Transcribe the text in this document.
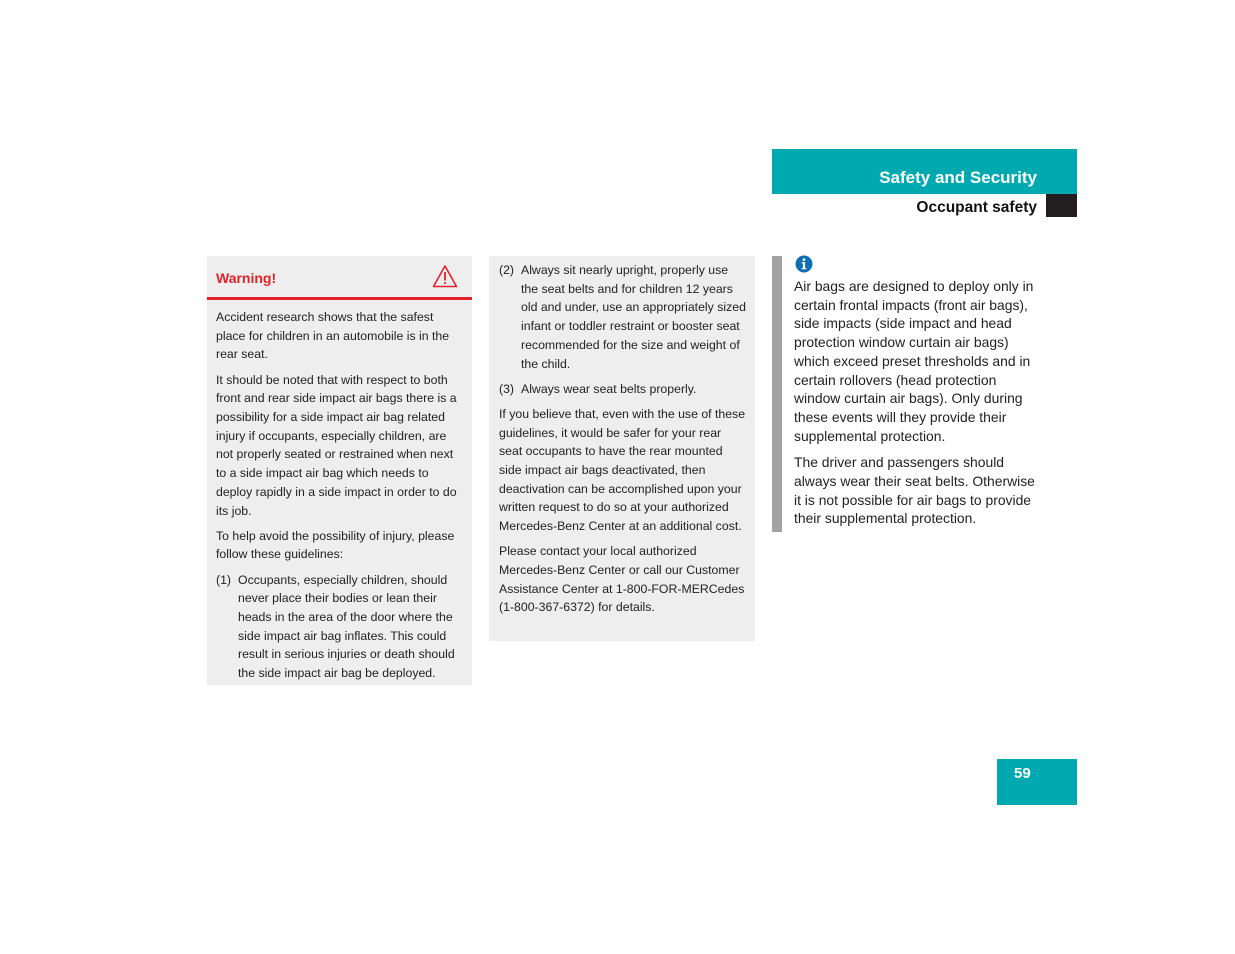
Safety and Security
Occupant safety
Warning!

Accident research shows that the safest place for children in an automobile is in the rear seat.

It should be noted that with respect to both front and rear side impact air bags there is a possibility for a side impact air bag related injury if occupants, especially children, are not properly seated or restrained when next to a side impact air bag which needs to deploy rapidly in a side impact in order to do its job.

To help avoid the possibility of injury, please follow these guidelines:

(1) Occupants, especially children, should never place their bodies or lean their heads in the area of the door where the side impact air bag inflates. This could result in serious injuries or death should the side impact air bag be deployed.
(2) Always sit nearly upright, properly use the seat belts and for children 12 years old and under, use an appropriately sized infant or toddler restraint or booster seat recommended for the size and weight of the child.
(3) Always wear seat belts properly.

If you believe that, even with the use of these guidelines, it would be safer for your rear seat occupants to have the rear mounted side impact air bags deactivated, then deactivation can be accomplished upon your written request to do so at your authorized Mercedes-Benz Center at an additional cost.

Please contact your local authorized Mercedes-Benz Center or call our Customer Assistance Center at 1-800-FOR-MERCedes (1-800-367-6372) for details.

Air bags are designed to deploy only in certain frontal impacts (front air bags), side impacts (side impact and head protection window curtain air bags) which exceed preset thresholds and in certain rollovers (head protection window curtain air bags). Only during these events will they provide their supplemental protection.

The driver and passengers should always wear their seat belts. Otherwise it is not possible for air bags to provide their supplemental protection.

59
